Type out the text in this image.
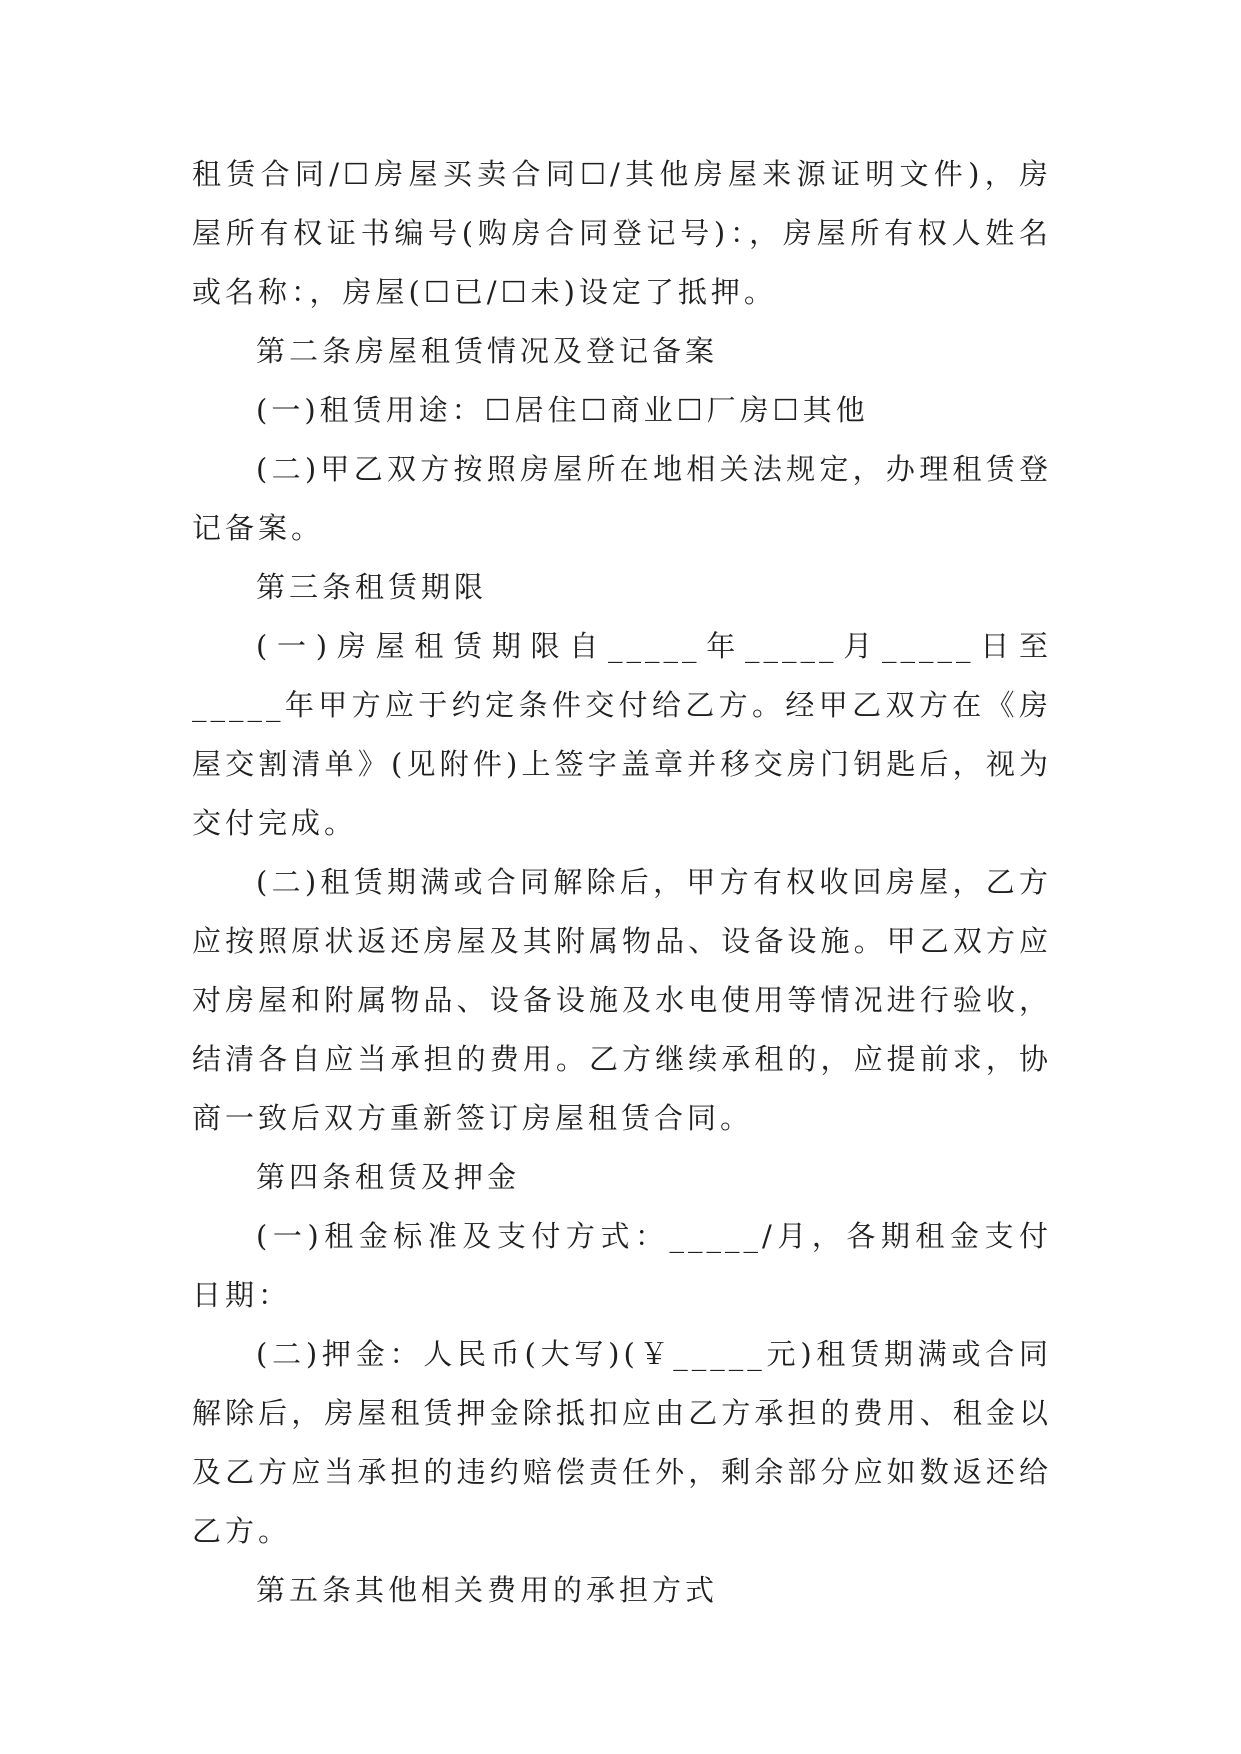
租赁合同/☐房屋买卖合同☐/其他房屋来源证明文件)，房屋所有权证书编号(购房合同登记号)：，房屋所有权人姓名或名称：，房屋(☐已/☐未)设定了抵押。

第二条房屋租赁情况及登记备案

(一)租赁用途：☐居住☐商业☐厂房☐其他

(二)甲乙双方按照房屋所在地相关法规定，办理租赁登记备案。

第三条租赁期限

(一)房屋租赁期限自_____年_____月_____日至_____年甲方应于约定条件交付给乙方。经甲乙双方在《房屋交割清单》(见附件)上签字盖章并移交房门钥匙后，视为交付完成。

(二)租赁期满或合同解除后，甲方有权收回房屋，乙方应按照原状返还房屋及其附属物品、设备设施。甲乙双方应对房屋和附属物品、设备设施及水电使用等情况进行验收，结清各自应当承担的费用。乙方继续承租的，应提前求，协商一致后双方重新签订房屋租赁合同。

第四条租赁及押金

(一)租金标准及支付方式：_____/月，各期租金支付日期：

(二)押金：人民币(大写)(￥_____元)租赁期满或合同解除后，房屋租赁押金除抵扣应由乙方承担的费用、租金以及乙方应当承担的违约赔偿责任外，剩余部分应如数返还给乙方。

第五条其他相关费用的承担方式
